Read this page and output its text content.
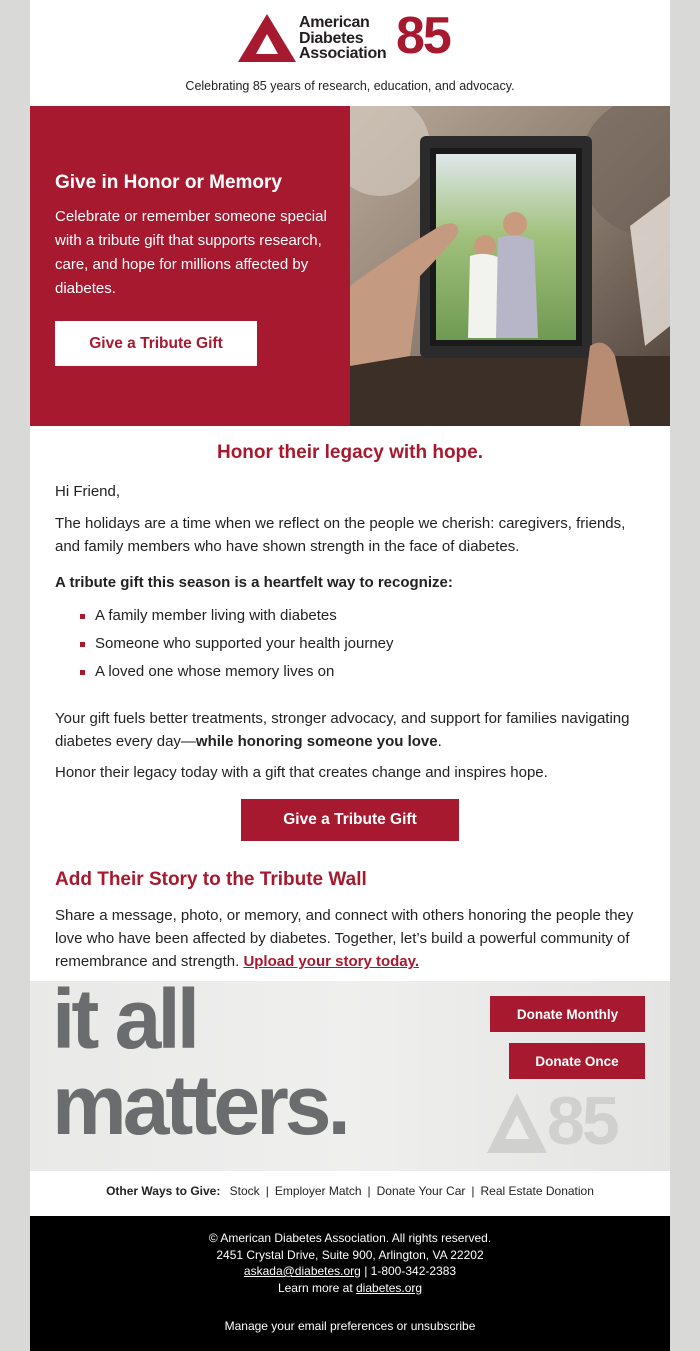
American
Diabetes
Association 85
Celebrating 85 years of research, education, and advocacy.
Give in Honor or Memory
Celebrate or remember someone special with a tribute gift that supports research, care, and hope for millions affected by diabetes.
Give a Tribute Gift
Honor their legacy with hope.
Hi Friend,
The holidays are a time when we reflect on the people we cherish: caregivers, friends, and family members who have shown strength in the face of diabetes.
A tribute gift this season is a heartfelt way to recognize:
A family member living with diabetes
Someone who supported your health journey
A loved one whose memory lives on
Your gift fuels better treatments, stronger advocacy, and support for families navigating diabetes every day—while honoring someone you love.
Honor their legacy today with a gift that creates change and inspires hope.
Give a Tribute Gift
Add Their Story to the Tribute Wall
Share a message, photo, or memory, and connect with others honoring the people they love who have been affected by diabetes. Together, let’s build a powerful community of remembrance and strength. Upload your story today.
it all
matters.
Donate Monthly
Donate Once
85
Other Ways to Give: Stock | Employer Match | Donate Your Car | Real Estate Donation
© American Diabetes Association. All rights reserved.
2451 Crystal Drive, Suite 900, Arlington, VA 22202
askada@diabetes.org | 1-800-342-2383
Learn more at diabetes.org
Manage your email preferences or unsubscribe
